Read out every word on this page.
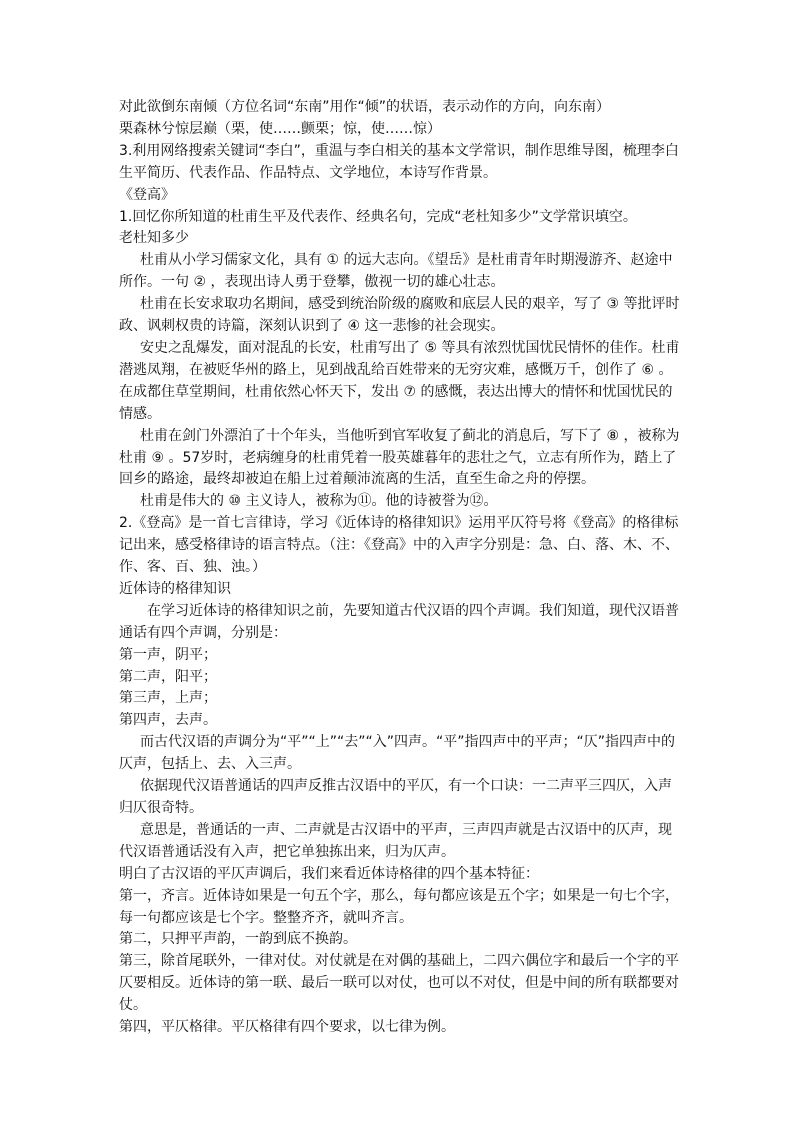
对此欲倒东南倾（方位名词“东南”用作“倾”的状语，表示动作的方向，向东南）

栗森林兮惊层巅（栗，使……颤栗；惊，使……惊）

3.利用网络搜索关键词“李白”，重温与李白相关的基本文学常识，制作思维导图，梳理李白生平简历、代表作品、作品特点、文学地位，本诗写作背景。

《登高》

1.回忆你所知道的杜甫生平及代表作、经典名句，完成“老杜知多少”文学常识填空。

老杜知多少

杜甫从小学习儒家文化，具有 ① 的远大志向。《望岳》是杜甫青年时期漫游齐、赵途中所作。一句 ② ，表现出诗人勇于登攀，傲视一切的雄心壮志。

杜甫在长安求取功名期间，感受到统治阶级的腐败和底层人民的艰辛，写了 ③ 等批评时政、讽刺权贵的诗篇，深刻认识到了 ④ 这一悲惨的社会现实。

安史之乱爆发，面对混乱的长安，杜甫写出了 ⑤ 等具有浓烈忧国忧民情怀的佳作。杜甫潜逃凤翔，在被贬华州的路上，见到战乱给百姓带来的无穷灾难，感慨万千，创作了 ⑥ 。

在成都住草堂期间，杜甫依然心怀天下，发出 ⑦ 的感慨，表达出博大的情怀和忧国忧民的情感。

杜甫在剑门外漂泊了十个年头，当他听到官军收复了蓟北的消息后，写下了 ⑧ ，被称为杜甫 ⑨ 。57岁时，老病缠身的杜甫凭着一股英雄暮年的悲壮之气，立志有所作为，踏上了回乡的路途，最终却被迫在船上过着颠沛流离的生活，直至生命之舟的停摆。

杜甫是伟大的 ⑩ 主义诗人，被称为⑪。他的诗被誉为⑫。

2.《登高》是一首七言律诗，学习《近体诗的格律知识》运用平仄符号将《登高》的格律标记出来，感受格律诗的语言特点。（注：《登高》中的入声字分别是：急、白、落、木、不、作、客、百、独、浊。）

近体诗的格律知识

在学习近体诗的格律知识之前，先要知道古代汉语的四个声调。我们知道，现代汉语普通话有四个声调，分别是：

第一声，阴平；

第二声，阳平；

第三声，上声；

第四声，去声。

而古代汉语的声调分为“平”“上”“去”“入”四声。“平”指四声中的平声；“仄”指四声中的仄声，包括上、去、入三声。

依据现代汉语普通话的四声反推古汉语中的平仄，有一个口诀：一二声平三四仄，入声归仄很奇特。

意思是，普通话的一声、二声就是古汉语中的平声，三声四声就是古汉语中的仄声，现代汉语普通话没有入声，把它单独拣出来，归为仄声。

明白了古汉语的平仄声调后，我们来看近体诗格律的四个基本特征：

第一，齐言。近体诗如果是一句五个字，那么，每句都应该是五个字；如果是一句七个字，每一句都应该是七个字。整整齐齐，就叫齐言。

第二，只押平声韵，一韵到底不换韵。

第三，除首尾联外，一律对仗。对仗就是在对偶的基础上，二四六偶位字和最后一个字的平仄要相反。近体诗的第一联、最后一联可以对仗，也可以不对仗，但是中间的所有联都要对仗。

第四，平仄格律。平仄格律有四个要求，以七律为例。
